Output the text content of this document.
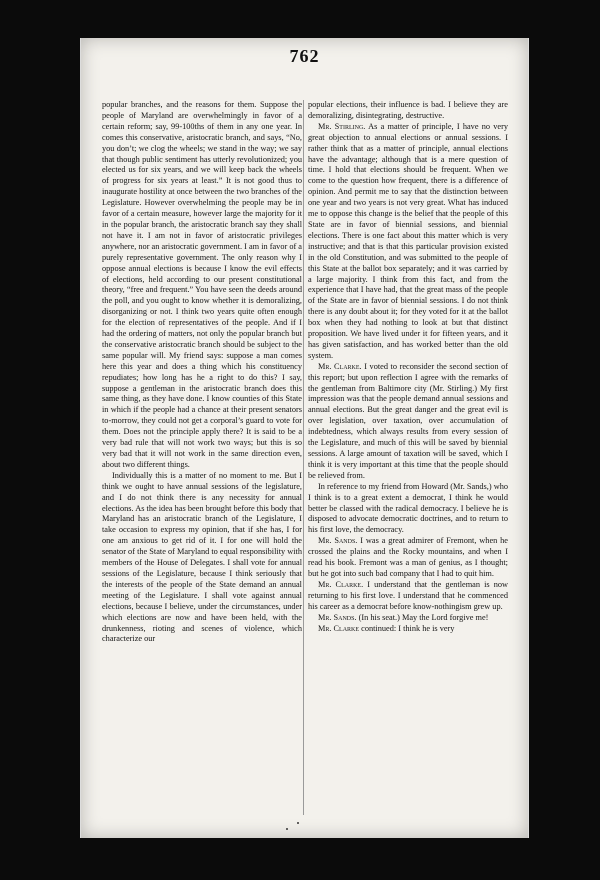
762

popular branches, and the reasons for them. Suppose the people of Maryland are overwhelmingly in favor of a certain reform; say, 99-100ths of them in any one year. In comes this conservative, aristocratic branch, and says, “No, you don’t; we clog the wheels; we stand in the way; we say that though public sentiment has utterly revolutionized; you elected us for six years, and we will keep back the wheels of progress for six years at least.” It is not good thus to inaugurate hostility at once between the two branches of the Legislature. However overwhelming the people may be in favor of a certain measure, however large the majority for it in the popular branch, the aristocratic branch say they shall not have it. I am not in favor of aristocratic privileges anywhere, nor an aristocratic government. I am in favor of a purely representative government. The only reason why I oppose annual elections is because I know the evil effects of elections, held according to our present constitutional theory, “free and frequent.” You have seen the deeds around the poll, and you ought to know whether it is demoralizing, disorganizing or not. I think two years quite often enough for the election of representatives of the people. And if I had the ordering of matters, not only the popular branch but the conservative aristocratic branch should be subject to the same popular will. My friend says: suppose a man comes here this year and does a thing which his constituency repudiates; how long has he a right to do this? I say, suppose a gentleman in the aristocratic branch does this same thing, as they have done. I know counties of this State in which if the people had a chance at their present senators to-morrow, they could not get a corporal’s guard to vote for them. Does not the principle apply there? It is said to be a very bad rule that will not work two ways; but this is so very bad that it will not work in the same direction even, about two different things.

Individually this is a matter of no moment to me. But I think we ought to have annual sessions of the legislature, and I do not think there is any necessity for annual elections. As the idea has been brought before this body that Maryland has an aristocratic branch of the Legislature, I take occasion to express my opinion, that if she has, I for one am anxious to get rid of it. I for one will hold the senator of the State of Maryland to equal responsibility with members of the House of Delegates. I shall vote for annual sessions of the Legislature, because I think seriously that the interests of the people of the State demand an annual meeting of the Legislature. I shall vote against annual elections, because I believe, under the circumstances, under which elections are now and have been held, with the drunkenness, rioting and scenes of violence, which characterize our

popular elections, their influence is bad. I believe they are demoralizing, disintegrating, destructive.

Mr. Stirling. As a matter of principle, I have no very great objection to annual elections or annual sessions. I rather think that as a matter of principle, annual elections have the advantage; although that is a mere question of time. I hold that elections should be frequent. When we come to the question how frequent, there is a difference of opinion. And permit me to say that the distinction between one year and two years is not very great. What has induced me to oppose this change is the belief that the people of this State are in favor of biennial sessions, and biennial elections. There is one fact about this matter which is very instructive; and that is that this particular provision existed in the old Constitution, and was submitted to the people of this State at the ballot box separately; and it was carried by a large majority. I think from this fact, and from the experience that I have had, that the great mass of the people of the State are in favor of biennial sessions. I do not think there is any doubt about it; for they voted for it at the ballot box when they had nothing to look at but that distinct proposition. We have lived under it for fifteen years, and it has given satisfaction, and has worked better than the old system.

Mr. Clarke. I voted to reconsider the second section of this report; but upon reflection I agree with the remarks of the gentleman from Baltimore city (Mr. Stirling.) My first impression was that the people demand annual sessions and annual elections. But the great danger and the great evil is over legislation, over taxation, over accumulation of indebtedness, which always results from every session of the Legislature, and much of this will be saved by biennial sessions. A large amount of taxation will be saved, which I think it is very important at this time that the people should be relieved from.

In reference to my friend from Howard (Mr. Sands,) who I think is to a great extent a democrat, I think he would better be classed with the radical democracy. I believe he is disposed to advocate democratic doctrines, and to return to his first love, the democracy.

Mr. Sands. I was a great admirer of Fremont, when he crossed the plains and the Rocky mountains, and when I read his book. Fremont was a man of genius, as I thought; but he got into such bad company that I had to quit him.

Mr. Clarke. I understand that the gentleman is now returning to his first love. I understand that he commenced his career as a democrat before know-nothingism grew up.

Mr. Sands. (In his seat.) May the Lord forgive me!

Mr. Clarke continued: I think he is very
